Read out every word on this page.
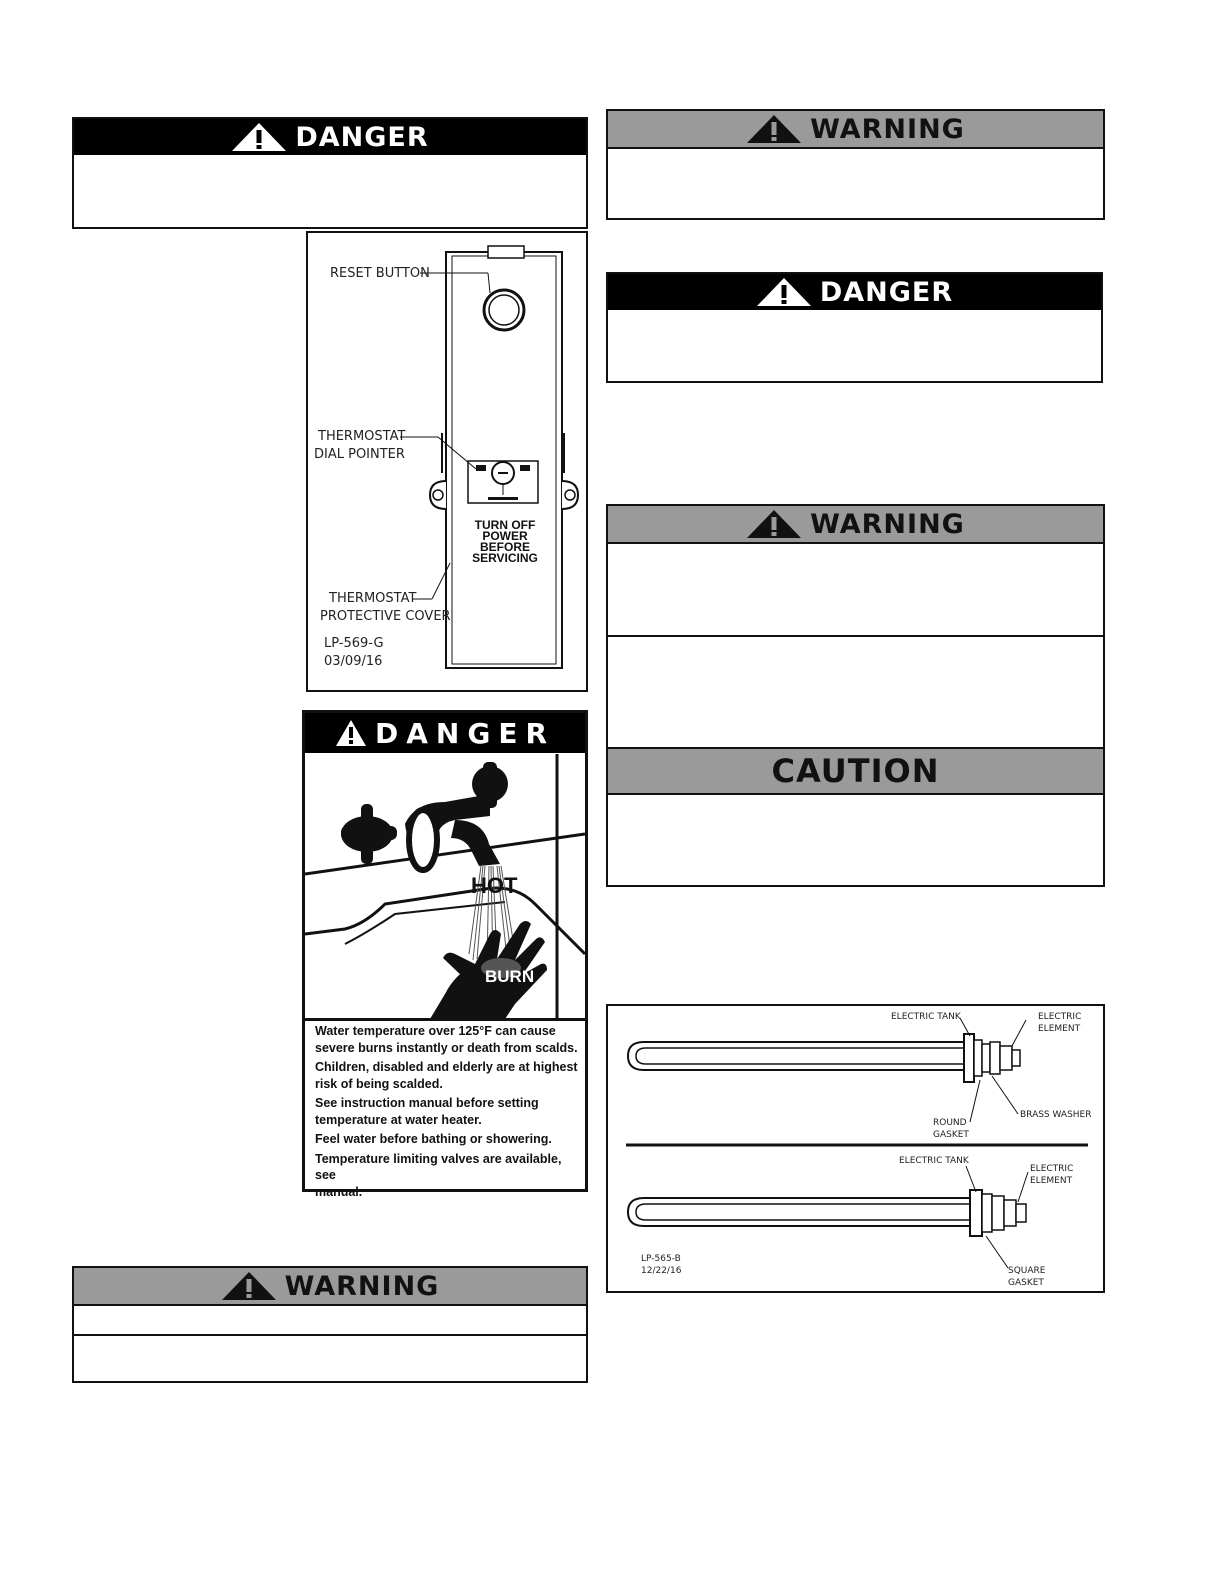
DANGER
RESET BUTTON
THERMOSTAT
DIAL POINTER
TURN OFF
POWER
BEFORE
SERVICING
THERMOSTAT
PROTECTIVE COVER
LP-569-G
03/09/16
DANGER
HOT
BURN
Water temperature over 125°F can cause
severe burns instantly or death from scalds.
Children, disabled and elderly are at highest
risk of being scalded.
See instruction manual before setting
temperature at water heater.
Feel water before bathing or showering.
Temperature limiting valves are available, see
manual.
WARNING
WARNING
DANGER
WARNING
CAUTION
ELECTRIC TANK	ELECTRIC
ELEMENT
ROUND
GASKET
BRASS WASHER
ELECTRIC TANK
ELECTRIC
ELEMENT
SQUARE
GASKET
LP-565-B
12/22/16
